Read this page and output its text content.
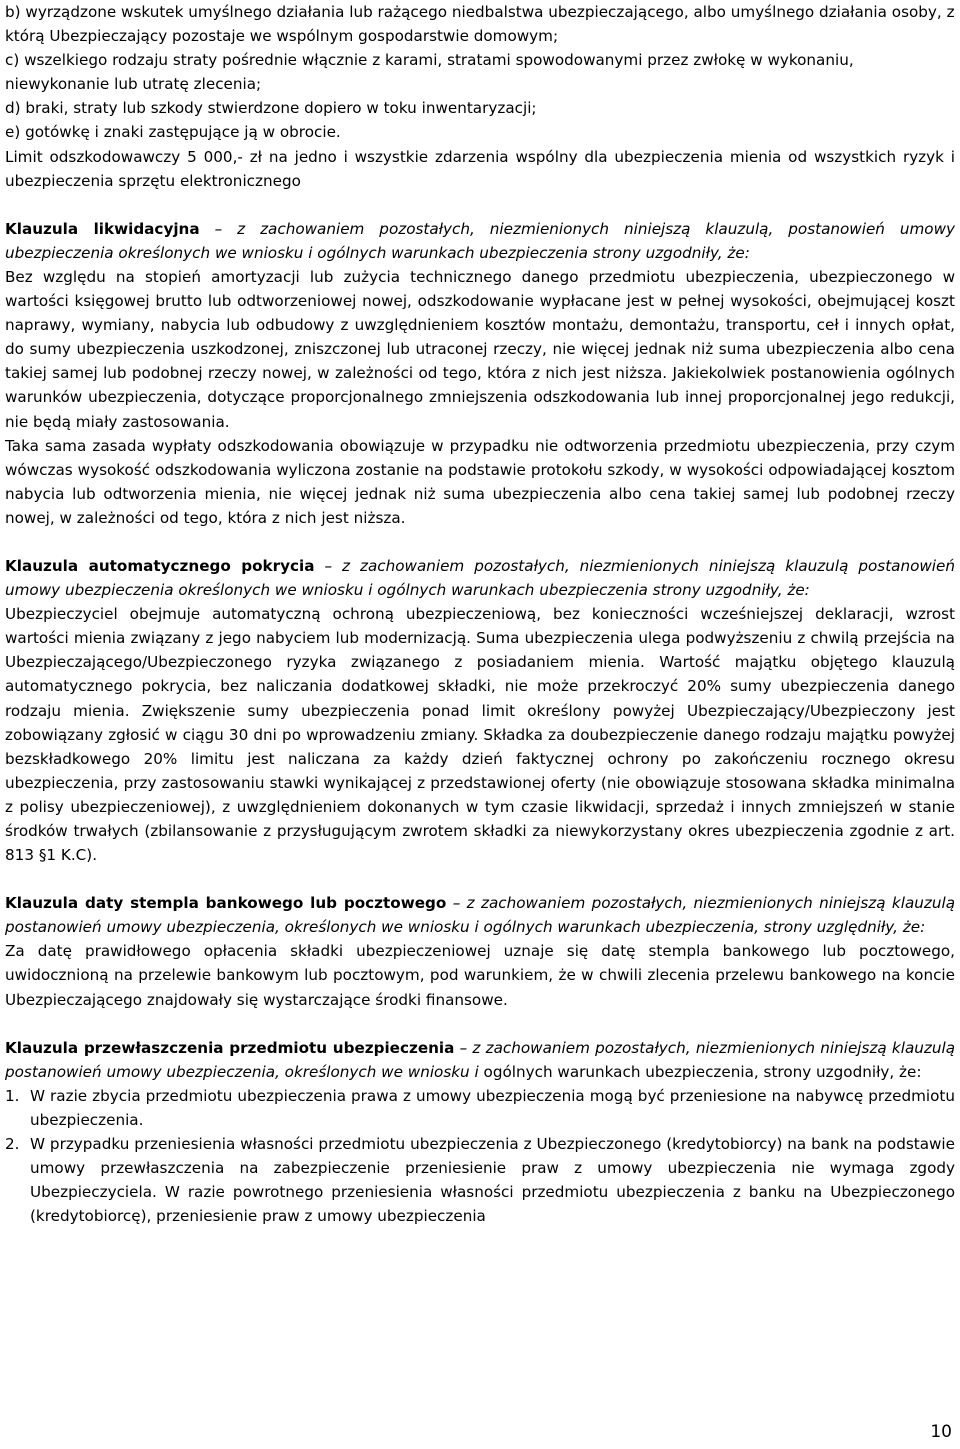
b) wyrządzone wskutek umyślnego działania lub rażącego niedbalstwa ubezpieczającego, albo umyślnego działania osoby, z którą Ubezpieczający pozostaje we wspólnym gospodarstwie domowym;

c) wszelkiego rodzaju straty pośrednie włącznie z karami, stratami spowodowanymi przez zwłokę w wykonaniu, niewykonanie lub utratę zlecenia;

d) braki, straty lub szkody stwierdzone dopiero w toku inwentaryzacji;

e) gotówkę i znaki zastępujące ją w obrocie.

Limit odszkodowawczy 5 000,- zł na jedno i wszystkie zdarzenia wspólny dla ubezpieczenia mienia od wszystkich ryzyk i ubezpieczenia sprzętu elektronicznego

Klauzula likwidacyjna – z zachowaniem pozostałych, niezmienionych niniejszą klauzulą, postanowień umowy ubezpieczenia określonych we wniosku i ogólnych warunkach ubezpieczenia strony uzgodniły, że:

Bez względu na stopień amortyzacji lub zużycia technicznego danego przedmiotu ubezpieczenia, ubezpieczonego w wartości księgowej brutto lub odtworzeniowej nowej, odszkodowanie wypłacane jest w pełnej wysokości, obejmującej koszt naprawy, wymiany, nabycia lub odbudowy z uwzględnieniem kosztów montażu, demontażu, transportu, ceł i innych opłat, do sumy ubezpieczenia uszkodzonej, zniszczonej lub utraconej rzeczy, nie więcej jednak niż suma ubezpieczenia albo cena takiej samej lub podobnej rzeczy nowej, w zależności od tego, która z nich jest niższa. Jakiekolwiek postanowienia ogólnych warunków ubezpieczenia, dotyczące proporcjonalnego zmniejszenia odszkodowania lub innej proporcjonalnej jego redukcji, nie będą miały zastosowania.

Taka sama zasada wypłaty odszkodowania obowiązuje w przypadku nie odtworzenia przedmiotu ubezpieczenia, przy czym wówczas wysokość odszkodowania wyliczona zostanie na podstawie protokołu szkody, w wysokości odpowiadającej kosztom nabycia lub odtworzenia mienia, nie więcej jednak niż suma ubezpieczenia albo cena takiej samej lub podobnej rzeczy nowej, w zależności od tego, która z nich jest niższa.

Klauzula automatycznego pokrycia – z zachowaniem pozostałych, niezmienionych niniejszą klauzulą postanowień umowy ubezpieczenia określonych we wniosku i ogólnych warunkach ubezpieczenia strony uzgodniły, że:

Ubezpieczyciel obejmuje automatyczną ochroną ubezpieczeniową, bez konieczności wcześniejszej deklaracji, wzrost wartości mienia związany z jego nabyciem lub modernizacją. Suma ubezpieczenia ulega podwyższeniu z chwilą przejścia na Ubezpieczającego/Ubezpieczonego ryzyka związanego z posiadaniem mienia. Wartość majątku objętego klauzulą automatycznego pokrycia, bez naliczania dodatkowej składki, nie może przekroczyć 20% sumy ubezpieczenia danego rodzaju mienia. Zwiększenie sumy ubezpieczenia ponad limit określony powyżej Ubezpieczający/Ubezpieczony jest zobowiązany zgłosić w ciągu 30 dni po wprowadzeniu zmiany. Składka za doubezpieczenie danego rodzaju majątku powyżej bezskładkowego 20% limitu jest naliczana za każdy dzień faktycznej ochrony po zakończeniu rocznego okresu ubezpieczenia, przy zastosowaniu stawki wynikającej z przedstawionej oferty (nie obowiązuje stosowana składka minimalna z polisy ubezpieczeniowej), z uwzględnieniem dokonanych w tym czasie likwidacji, sprzedaż i innych zmniejszeń w stanie środków trwałych (zbilansowanie z przysługującym zwrotem składki za niewykorzystany okres ubezpieczenia zgodnie z art. 813 §1 K.C).

Klauzula daty stempla bankowego lub pocztowego – z zachowaniem pozostałych, niezmienionych niniejszą klauzulą postanowień umowy ubezpieczenia, określonych we wniosku i ogólnych warunkach ubezpieczenia, strony uzględniły, że:

Za datę prawidłowego opłacenia składki ubezpieczeniowej uznaje się datę stempla bankowego lub pocztowego, uwidocznioną na przelewie bankowym lub pocztowym, pod warunkiem, że w chwili zlecenia przelewu bankowego na koncie Ubezpieczającego znajdowały się wystarczające środki finansowe.

Klauzula przewłaszczenia przedmiotu ubezpieczenia – z zachowaniem pozostałych, niezmienionych niniejszą klauzulą postanowień umowy ubezpieczenia, określonych we wniosku i ogólnych warunkach ubezpieczenia, strony uzgodniły, że:

1. W razie zbycia przedmiotu ubezpieczenia prawa z umowy ubezpieczenia mogą być przeniesione na nabywcę przedmiotu ubezpieczenia.
2. W przypadku przeniesienia własności przedmiotu ubezpieczenia z Ubezpieczonego (kredytobiorcy) na bank na podstawie umowy przewłaszczenia na zabezpieczenie przeniesienie praw z umowy ubezpieczenia nie wymaga zgody Ubezpieczyciela. W razie powrotnego przeniesienia własności przedmiotu ubezpieczenia z banku na Ubezpieczonego (kredytobiorcę), przeniesienie praw z umowy ubezpieczenia
10
